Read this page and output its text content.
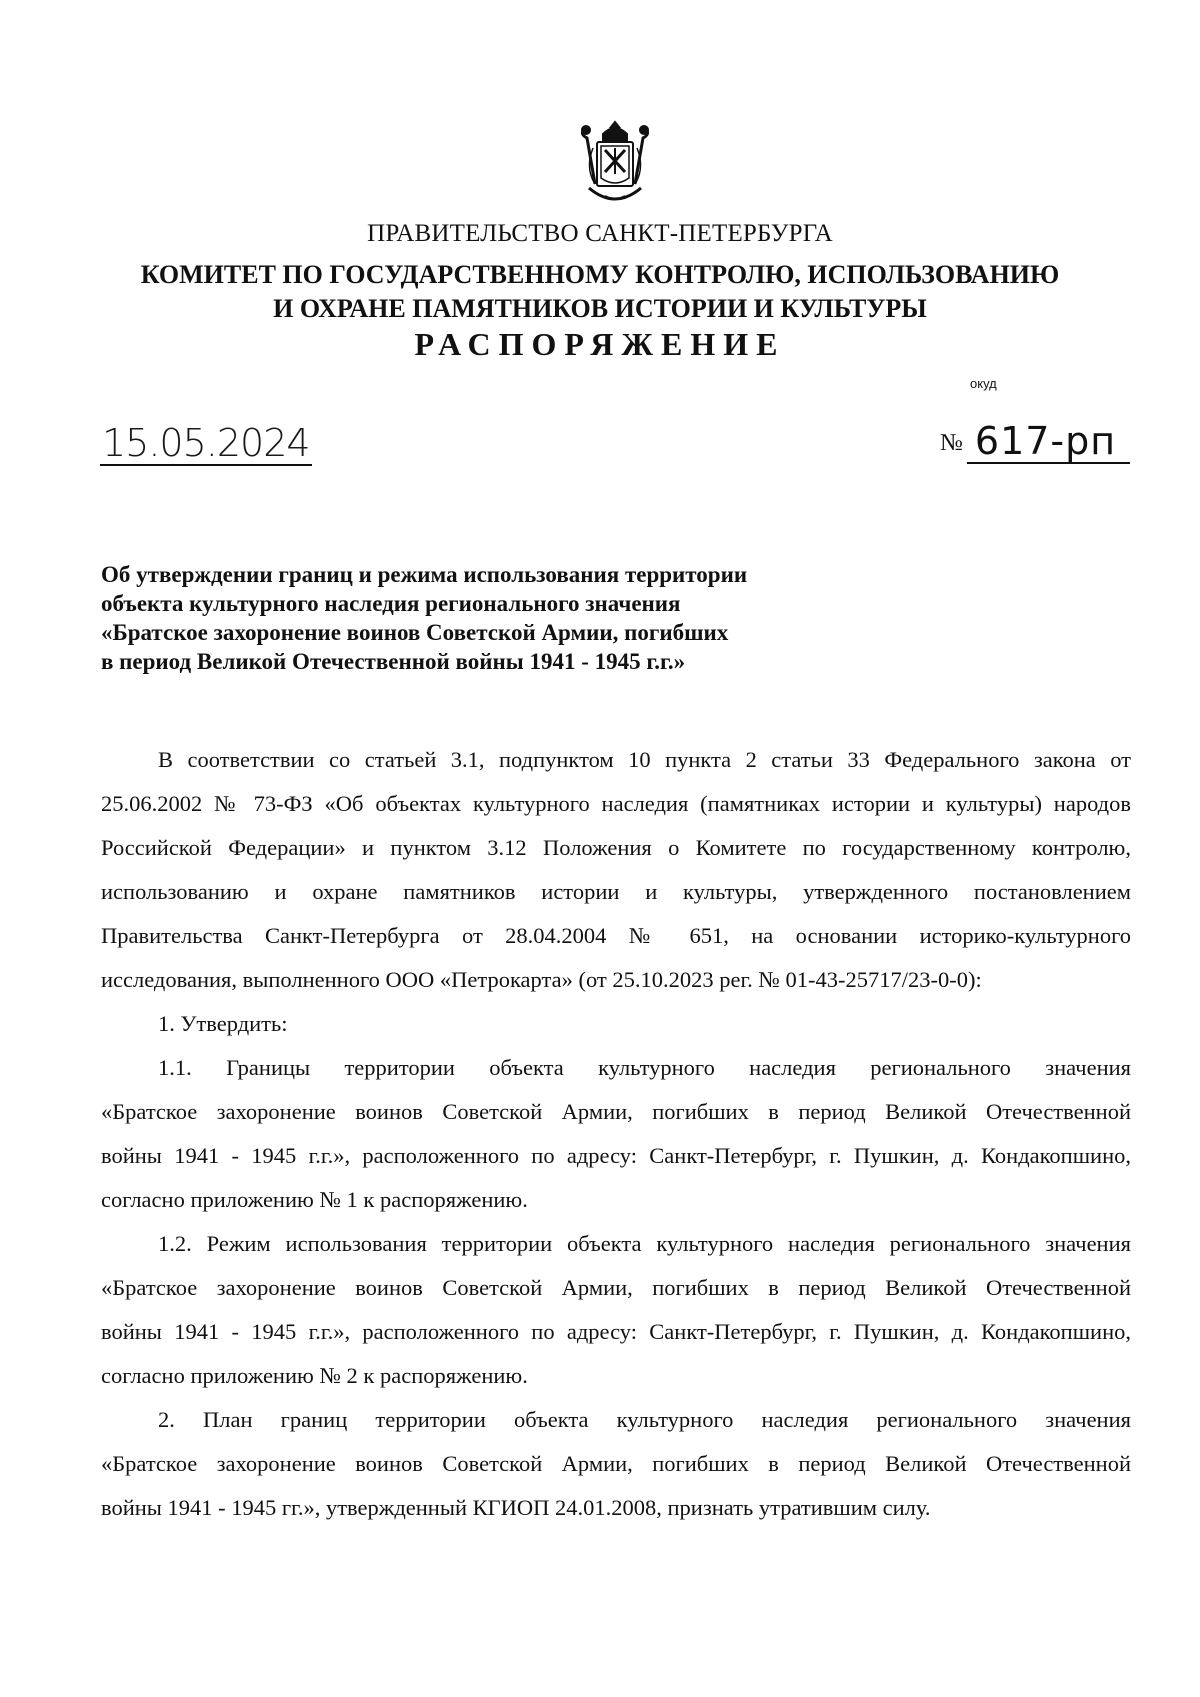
ПРАВИТЕЛЬСТВО САНКТ-ПЕТЕРБУРГА
КОМИТЕТ ПО ГОСУДАРСТВЕННОМУ КОНТРОЛЮ, ИСПОЛЬЗОВАНИЮ
И ОХРАНЕ ПАМЯТНИКОВ ИСТОРИИ И КУЛЬТУРЫ
РАСПОРЯЖЕНИЕ
окуд
15.05.2024	№ 617-рп
Об утверждении границ и режима использования территории
объекта культурного наследия регионального значения
«Братское захоронение воинов Советской Армии, погибших
в период Великой Отечественной войны 1941 - 1945 г.г.»
В соответствии со статьей 3.1, подпунктом 10 пункта 2 статьи 33 Федерального закона от
25.06.2002 № 73-ФЗ «Об объектах культурного наследия (памятниках истории и культуры) народов
Российской Федерации» и пунктом 3.12 Положения о Комитете по государственному контролю,
использованию и охране памятников истории и культуры, утвержденного постановлением
Правительства Санкт-Петербурга от 28.04.2004 № 651, на основании историко-культурного
исследования, выполненного ООО «Петрокарта» (от 25.10.2023 рег. № 01-43-25717/23-0-0):
1. Утвердить:
1.1. Границы территории объекта культурного наследия регионального значения
«Братское захоронение воинов Советской Армии, погибших в период Великой Отечественной
войны 1941 - 1945 г.г.», расположенного по адресу: Санкт-Петербург, г. Пушкин, д. Кондакопшино,
согласно приложению № 1 к распоряжению.
1.2. Режим использования территории объекта культурного наследия регионального значения
«Братское захоронение воинов Советской Армии, погибших в период Великой Отечественной
войны 1941 - 1945 г.г.», расположенного по адресу: Санкт-Петербург, г. Пушкин, д. Кондакопшино,
согласно приложению № 2 к распоряжению.
2. План границ территории объекта культурного наследия регионального значения
«Братское захоронение воинов Советской Армии, погибших в период Великой Отечественной
войны 1941 - 1945 гг.», утвержденный КГИОП 24.01.2008, признать утратившим силу.
